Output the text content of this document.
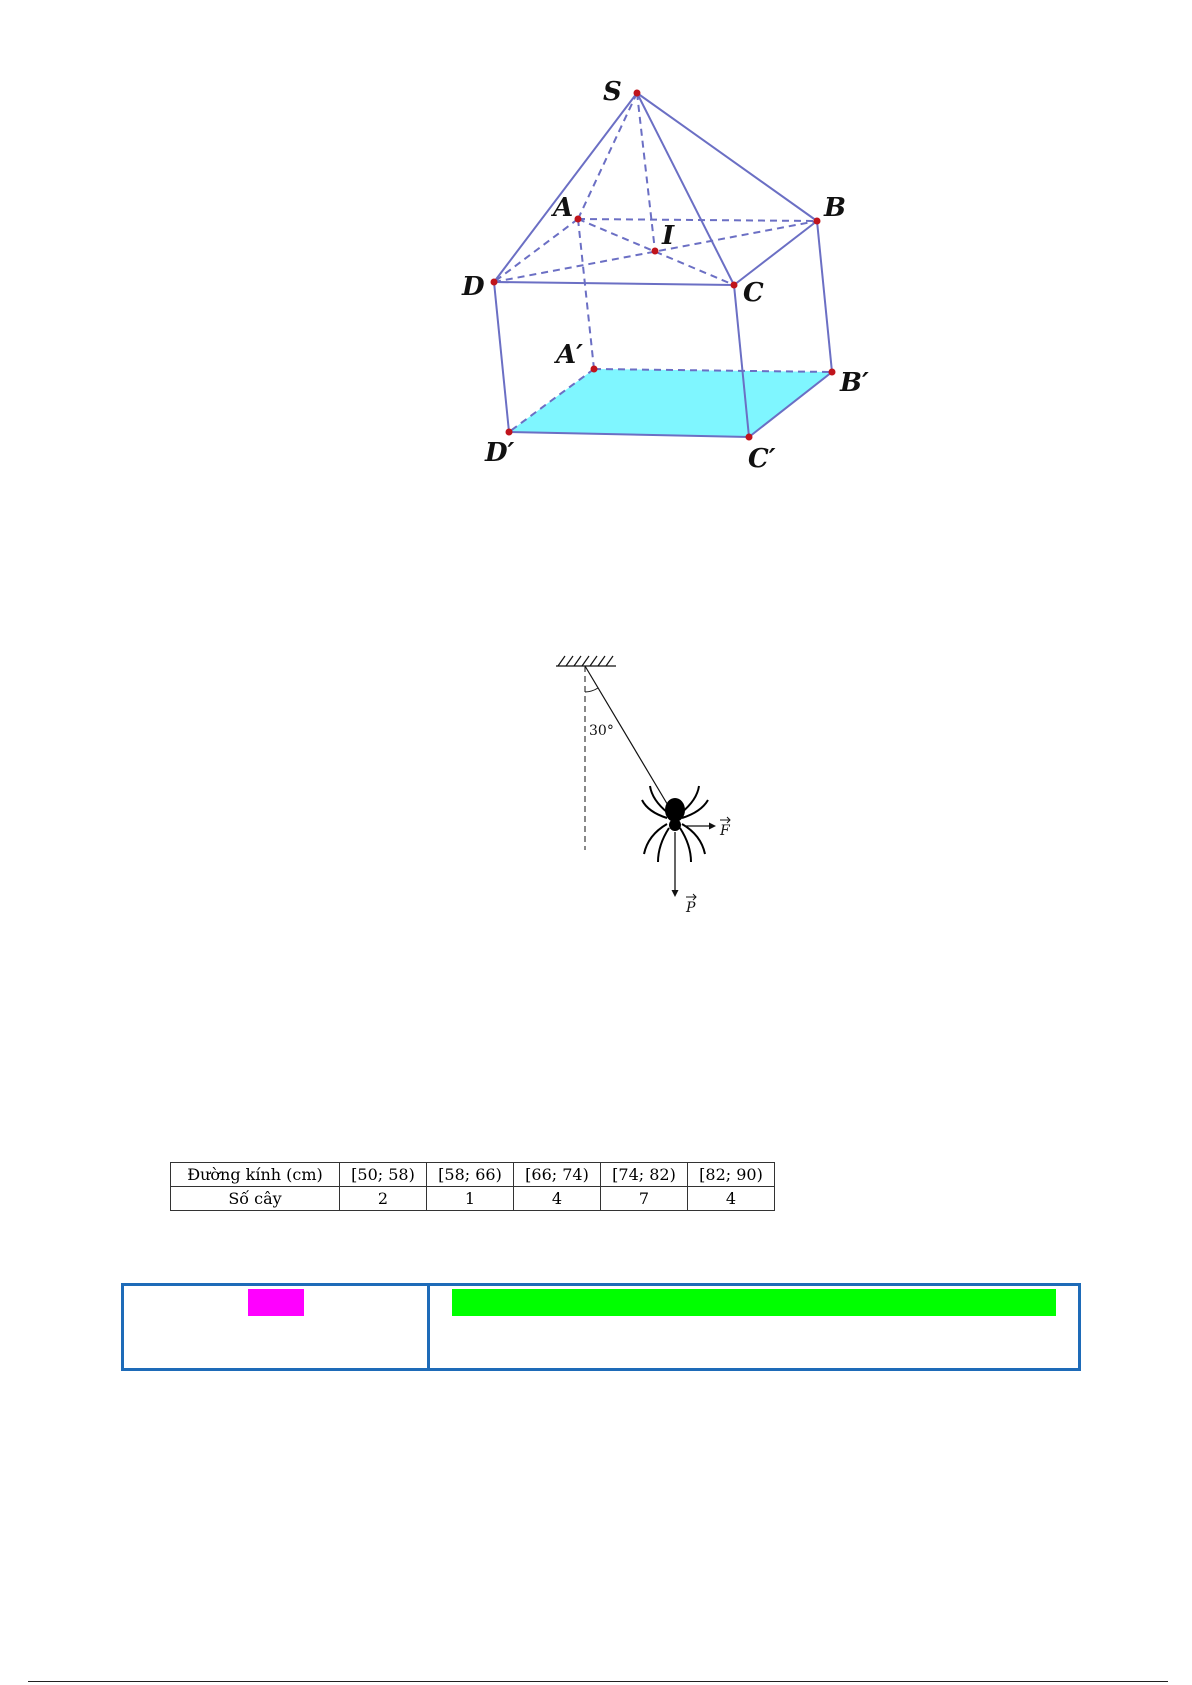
S
A	B
I
D	C
A′
B′
D′	C′
30°
F
P
Đường kính (cm)	[50; 58)	[58; 66)	[66; 74)	[74; 82)	[82; 90)
Số cây	2	1	4	7	4
